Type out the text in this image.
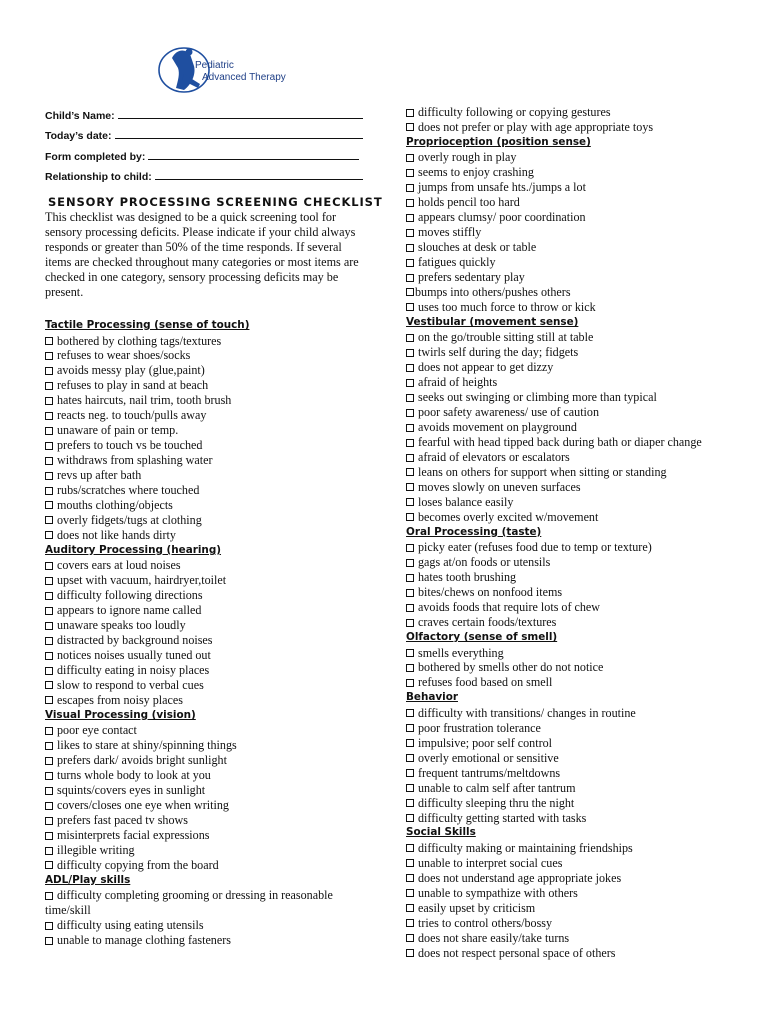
Pediatric
Advanced Therapy
Child’s Name:
Today’s date:
Form completed by:
Relationship to child:
SENSORY PROCESSING SCREENING CHECKLIST
This checklist was designed to be a quick screening tool for sensory processing deficits. Please indicate if your child always responds or greater than 50% of the time responds. If several items are checked throughout many categories or most items are checked in one category, sensory processing deficits may be present.
Tactile Processing (sense of touch)
bothered by clothing tags/textures
refuses to wear shoes/socks
avoids messy play (glue,paint)
refuses to play in sand at beach
hates haircuts, nail trim, tooth brush
reacts neg. to touch/pulls away
unaware of pain or temp.
prefers to touch vs be touched
withdraws from splashing water
revs up after bath
rubs/scratches where touched
mouths clothing/objects
overly fidgets/tugs at clothing
does not like hands dirty
Auditory Processing (hearing)
covers ears at loud noises
upset with vacuum, hairdryer,toilet
difficulty following directions
appears to ignore name called
unaware speaks too loudly
distracted by background noises
notices noises usually tuned out
difficulty eating in noisy places
slow to respond to verbal cues
escapes from noisy places
Visual Processing (vision)
poor eye contact
likes to stare at shiny/spinning things
prefers dark/ avoids bright sunlight
turns whole body to look at you
squints/covers eyes in sunlight
covers/closes one eye when writing
prefers fast paced tv shows
misinterprets facial expressions
illegible writing
difficulty copying from the board
ADL/Play skills
difficulty completing grooming or dressing in reasonable time/skill
difficulty using eating utensils
unable to manage clothing fasteners
difficulty following or copying gestures
does not prefer or play with age appropriate toys
Proprioception (position sense)
overly rough in play
seems to enjoy crashing
jumps from unsafe hts./jumps a lot
holds pencil too hard
appears clumsy/ poor coordination
moves stiffly
slouches at desk or table
fatigues quickly
prefers sedentary play
bumps into others/pushes others
uses too much force to throw or kick
Vestibular (movement sense)
on the go/trouble sitting still at table
twirls self during the day; fidgets
does not appear to get dizzy
afraid of heights
seeks out swinging or climbing more than typical
poor safety awareness/ use of caution
avoids movement on playground
fearful with head tipped back during bath or diaper change
afraid of elevators or escalators
leans on others for support when sitting or standing
moves slowly on uneven surfaces
loses balance easily
becomes overly excited w/movement
Oral Processing (taste)
picky eater (refuses food due to temp or texture)
gags at/on foods or utensils
hates tooth brushing
bites/chews on nonfood items
avoids foods that require lots of chew
craves certain foods/textures
Olfactory (sense of smell)
smells everything
bothered by smells other do not notice
refuses food based on smell
Behavior
difficulty with transitions/ changes in routine
poor frustration tolerance
impulsive; poor self control
overly emotional or sensitive
frequent tantrums/meltdowns
unable to calm self after tantrum
difficulty sleeping thru the night
difficulty getting started with tasks
Social Skills
difficulty making or maintaining friendships
unable to interpret social cues
does not understand age appropriate jokes
unable to sympathize with others
easily upset by criticism
tries to control others/bossy
does not share easily/take turns
does not respect personal space of others
